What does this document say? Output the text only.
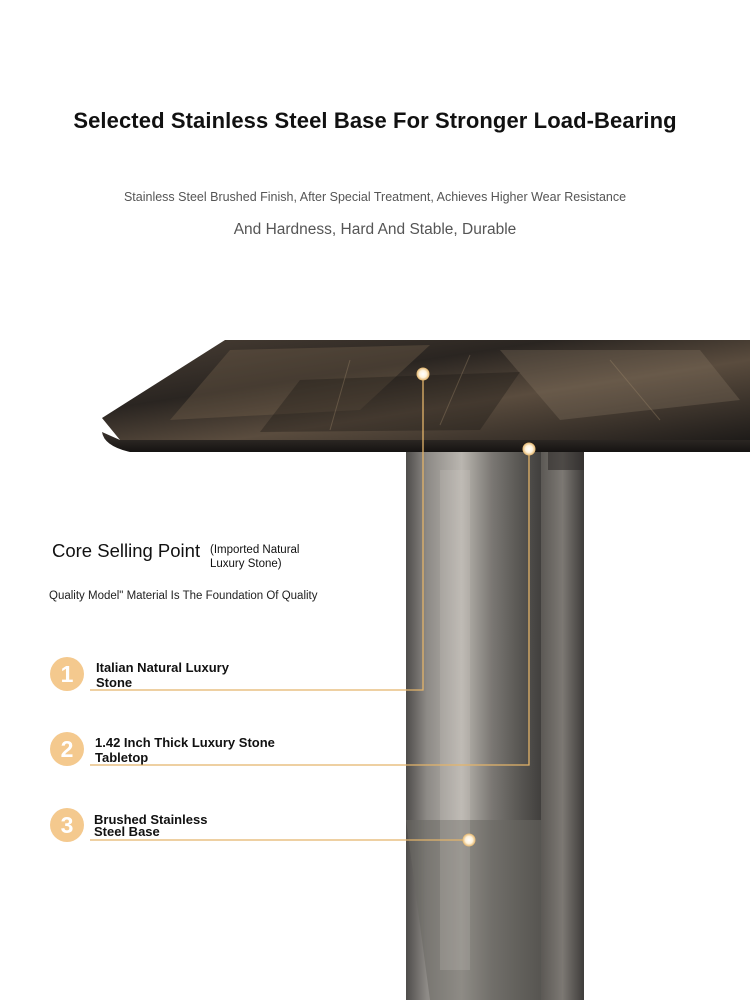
Selected Stainless Steel Base For Stronger Load-Bearing
Stainless Steel Brushed Finish, After Special Treatment, Achieves Higher Wear Resistance
And Hardness, Hard And Stable, Durable
Core Selling Point (Imported Natural Luxury Stone)
Quality Model" Material Is The Foundation Of Quality
1	Italian Natural Luxury Stone
2	1.42 Inch Thick Luxury Stone Tabletop
3	Brushed Stainless Steel Base
